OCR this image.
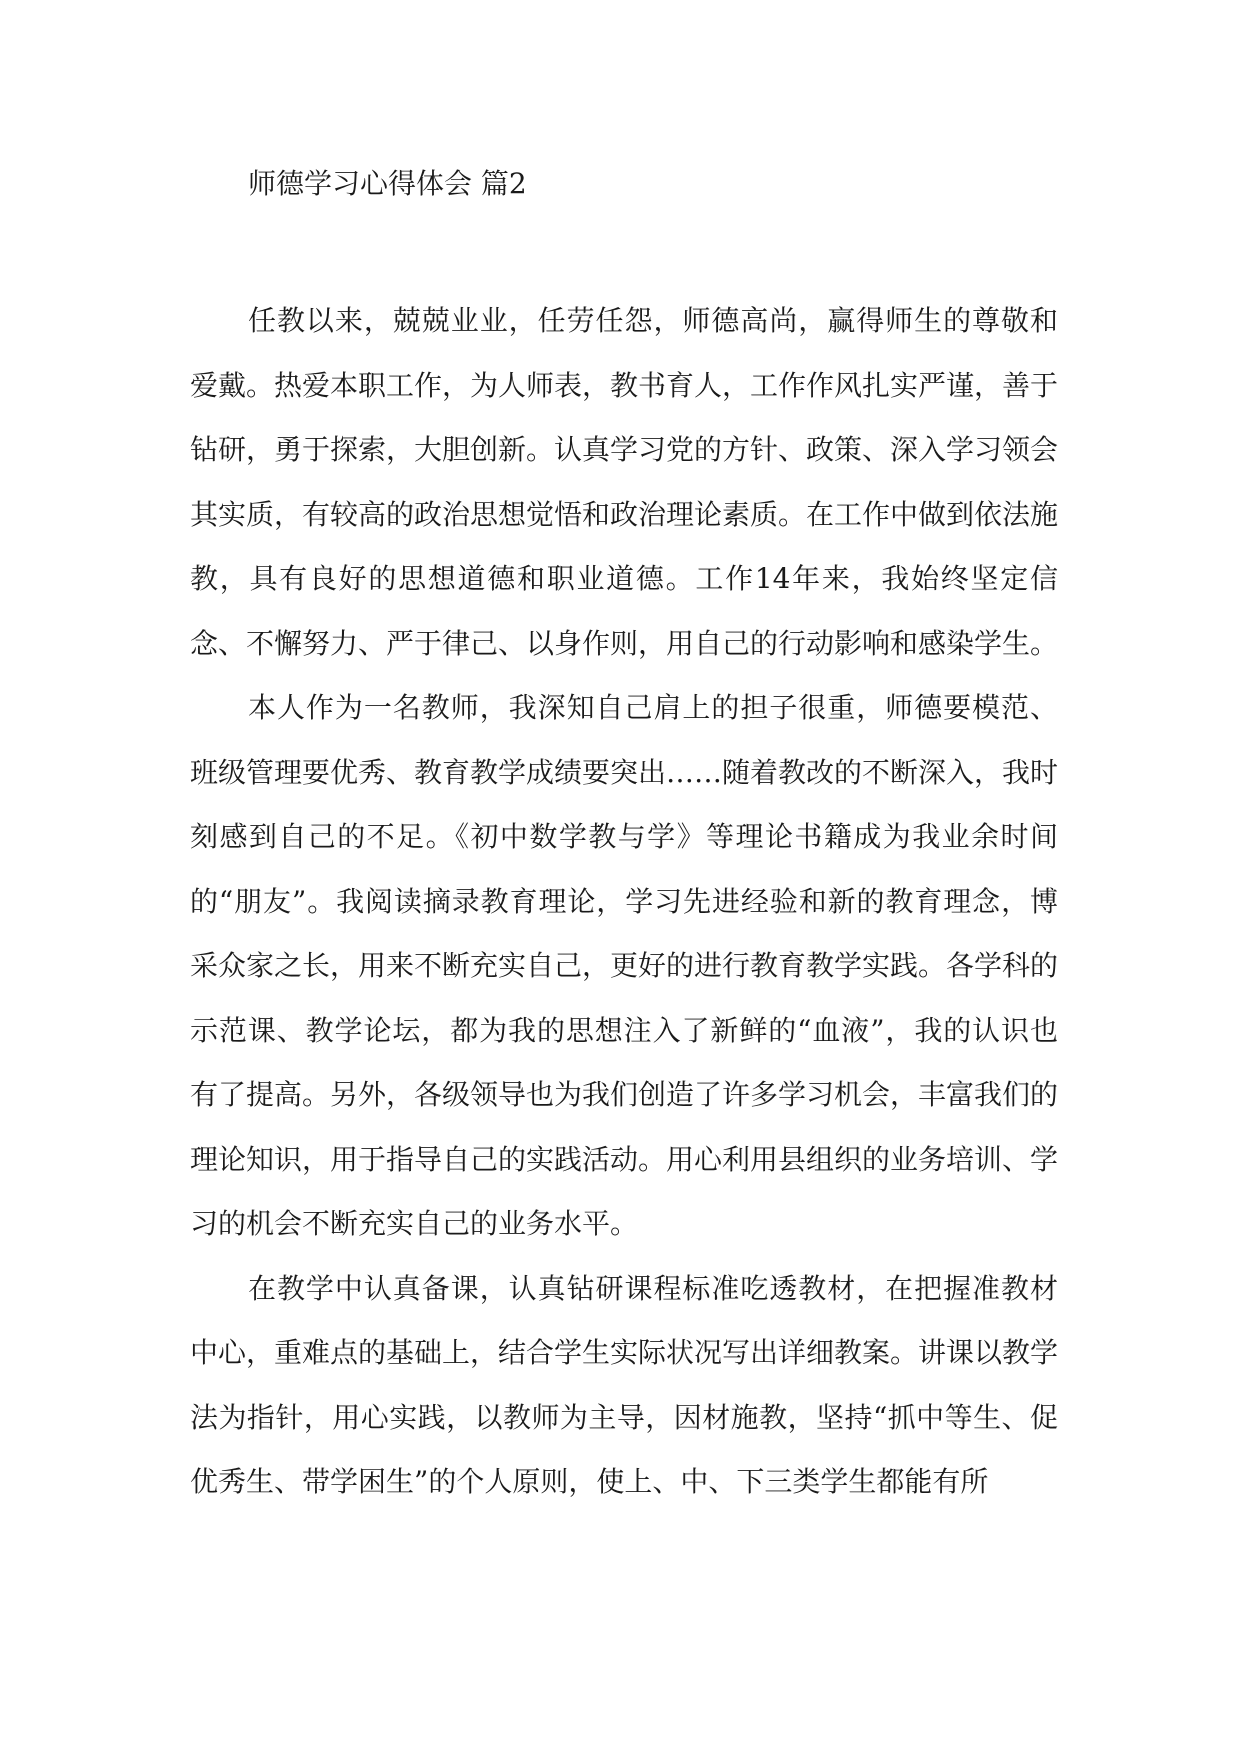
师德学习心得体会 篇2

任教以来，兢兢业业，任劳任怨，师德高尚，赢得师生的尊敬和爱戴。热爱本职工作，为人师表，教书育人，工作作风扎实严谨，善于钻研，勇于探索，大胆创新。认真学习党的方针、政策、深入学习领会其实质，有较高的政治思想觉悟和政治理论素质。在工作中做到依法施教，具有良好的思想道德和职业道德。工作14年来，我始终坚定信念、不懈努力、严于律己、以身作则，用自己的行动影响和感染学生。

本人作为一名教师，我深知自己肩上的担子很重，师德要模范、班级管理要优秀、教育教学成绩要突出……随着教改的不断深入，我时刻感到自己的不足。《初中数学教与学》等理论书籍成为我业余时间的“朋友”。我阅读摘录教育理论，学习先进经验和新的教育理念，博采众家之长，用来不断充实自己，更好的进行教育教学实践。各学科的示范课、教学论坛，都为我的思想注入了新鲜的“血液”，我的认识也有了提高。另外，各级领导也为我们创造了许多学习机会，丰富我们的理论知识，用于指导自己的实践活动。用心利用县组织的业务培训、学习的机会不断充实自己的业务水平。

在教学中认真备课，认真钻研课程标准吃透教材，在把握准教材中心，重难点的基础上，结合学生实际状况写出详细教案。讲课以教学法为指针，用心实践，以教师为主导，因材施教，坚持“抓中等生、促优秀生、带学困生”的个人原则，使上、中、下三类学生都能有所
